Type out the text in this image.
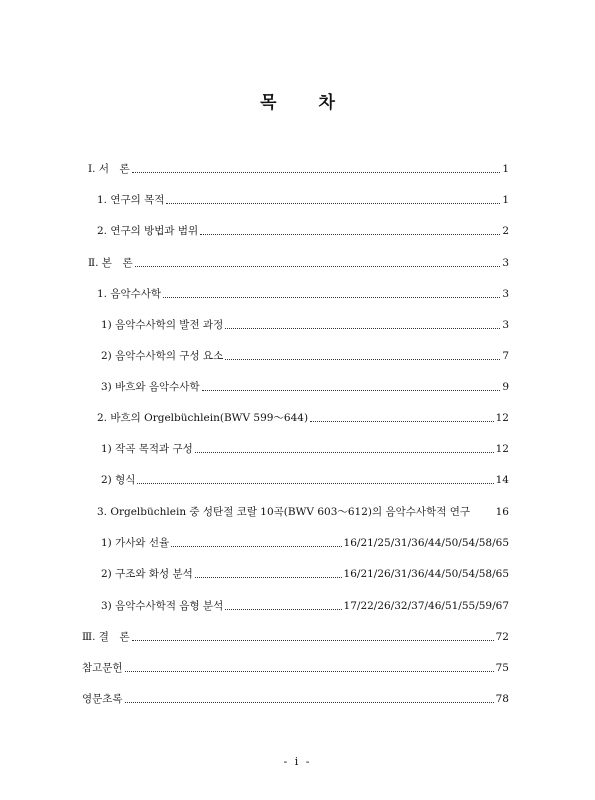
목 차
Ⅰ. 서　론	1
1. 연구의 목적	1
2. 연구의 방법과 범위	2
Ⅱ. 본　론	3
1. 음악수사학	3
1) 음악수사학의 발전 과정	3
2) 음악수사학의 구성 요소	7
3) 바흐와 음악수사학	9
2. 바흐의 Orgelbüchlein(BWV 599～644)	12
1) 작곡 목적과 구성	12
2) 형식	14
3. Orgelbüchlein 중 성탄절 코랄 10곡(BWV 603～612)의 음악수사학적 연구 16
1) 가사와 선율	16/21/25/31/36/44/50/54/58/65
2) 구조와 화성 분석	16/21/26/31/36/44/50/54/58/65
3) 음악수사학적 음형 분석	17/22/26/32/37/46/51/55/59/67
Ⅲ. 결　론	72
참고문헌	75
영문초록	78
- i -
